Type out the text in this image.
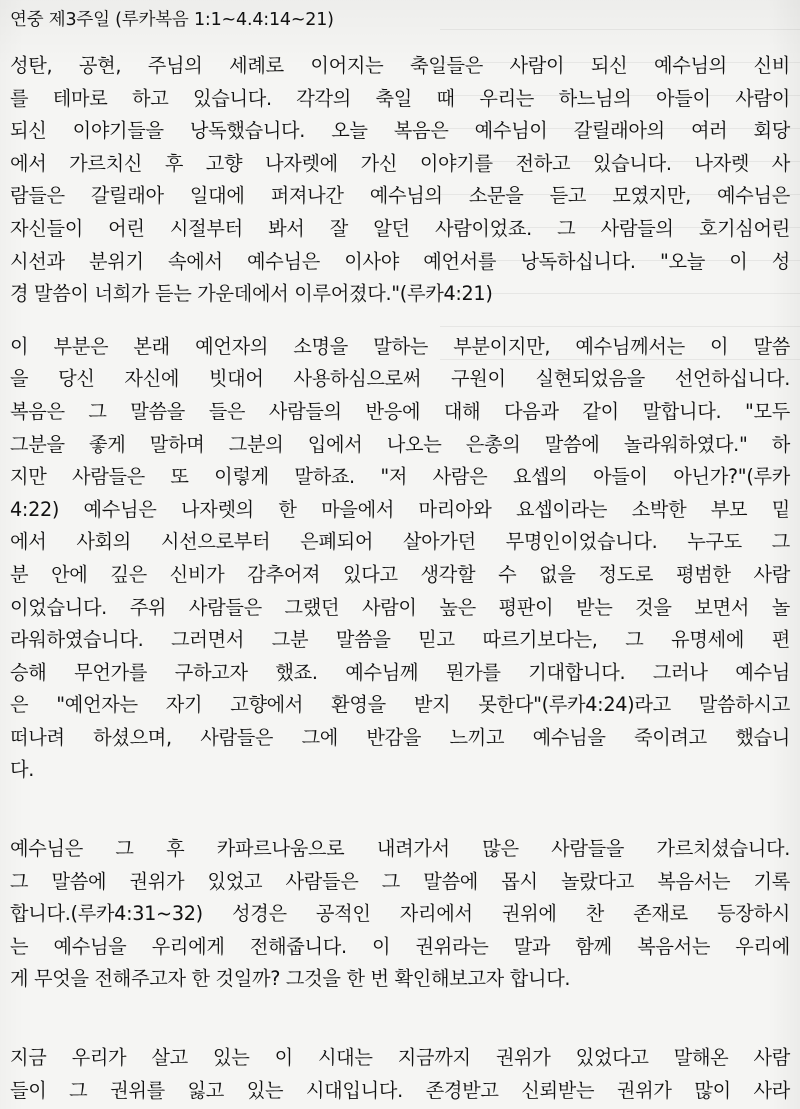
연중 제3주일 (루카복음 1:1~4.4:14~21)
성탄, 공현, 주님의 세례로 이어지는 축일들은 사람이 되신 예수님의 신비
를 테마로 하고 있습니다. 각각의 축일 때 우리는 하느님의 아들이 사람이
되신 이야기들을 낭독했습니다. 오늘 복음은 예수님이 갈릴래아의 여러 회당
에서 가르치신 후 고향 나자렛에 가신 이야기를 전하고 있습니다. 나자렛 사
람들은 갈릴래아 일대에 퍼져나간 예수님의 소문을 듣고 모였지만, 예수님은
자신들이 어린 시절부터 봐서 잘 알던 사람이었죠. 그 사람들의 호기심어린
시선과 분위기 속에서 예수님은 이사야 예언서를 낭독하십니다. "오늘 이 성
경 말씀이 너희가 듣는 가운데에서 이루어졌다."(루카4:21)
이 부분은 본래 예언자의 소명을 말하는 부분이지만, 예수님께서는 이 말씀
을 당신 자신에 빗대어 사용하심으로써 구원이 실현되었음을 선언하십니다.
복음은 그 말씀을 들은 사람들의 반응에 대해 다음과 같이 말합니다. "모두
그분을 좋게 말하며 그분의 입에서 나오는 은총의 말씀에 놀라워하였다." 하
지만 사람들은 또 이렇게 말하죠. "저 사람은 요셉의 아들이 아닌가?"(루카
4:22) 예수님은 나자렛의 한 마을에서 마리아와 요셉이라는 소박한 부모 밑
에서 사회의 시선으로부터 은폐되어 살아가던 무명인이었습니다. 누구도 그
분 안에 깊은 신비가 감추어져 있다고 생각할 수 없을 정도로 평범한 사람
이었습니다. 주위 사람들은 그랬던 사람이 높은 평판이 받는 것을 보면서 놀
라워하였습니다. 그러면서 그분 말씀을 믿고 따르기보다는, 그 유명세에 편
승해 무언가를 구하고자 했죠. 예수님께 뭔가를 기대합니다. 그러나 예수님
은 "예언자는 자기 고향에서 환영을 받지 못한다"(루카4:24)라고 말씀하시고
떠나려 하셨으며, 사람들은 그에 반감을 느끼고 예수님을 죽이려고 했습니
다.
예수님은 그 후 카파르나움으로 내려가서 많은 사람들을 가르치셨습니다.
그 말씀에 권위가 있었고 사람들은 그 말씀에 몹시 놀랐다고 복음서는 기록
합니다.(루카4:31~32) 성경은 공적인 자리에서 권위에 찬 존재로 등장하시
는 예수님을 우리에게 전해줍니다. 이 권위라는 말과 함께 복음서는 우리에
게 무엇을 전해주고자 한 것일까? 그것을 한 번 확인해보고자 합니다.
지금 우리가 살고 있는 이 시대는 지금까지 권위가 있었다고 말해온 사람
들이 그 권위를 잃고 있는 시대입니다. 존경받고 신뢰받는 권위가 많이 사라
